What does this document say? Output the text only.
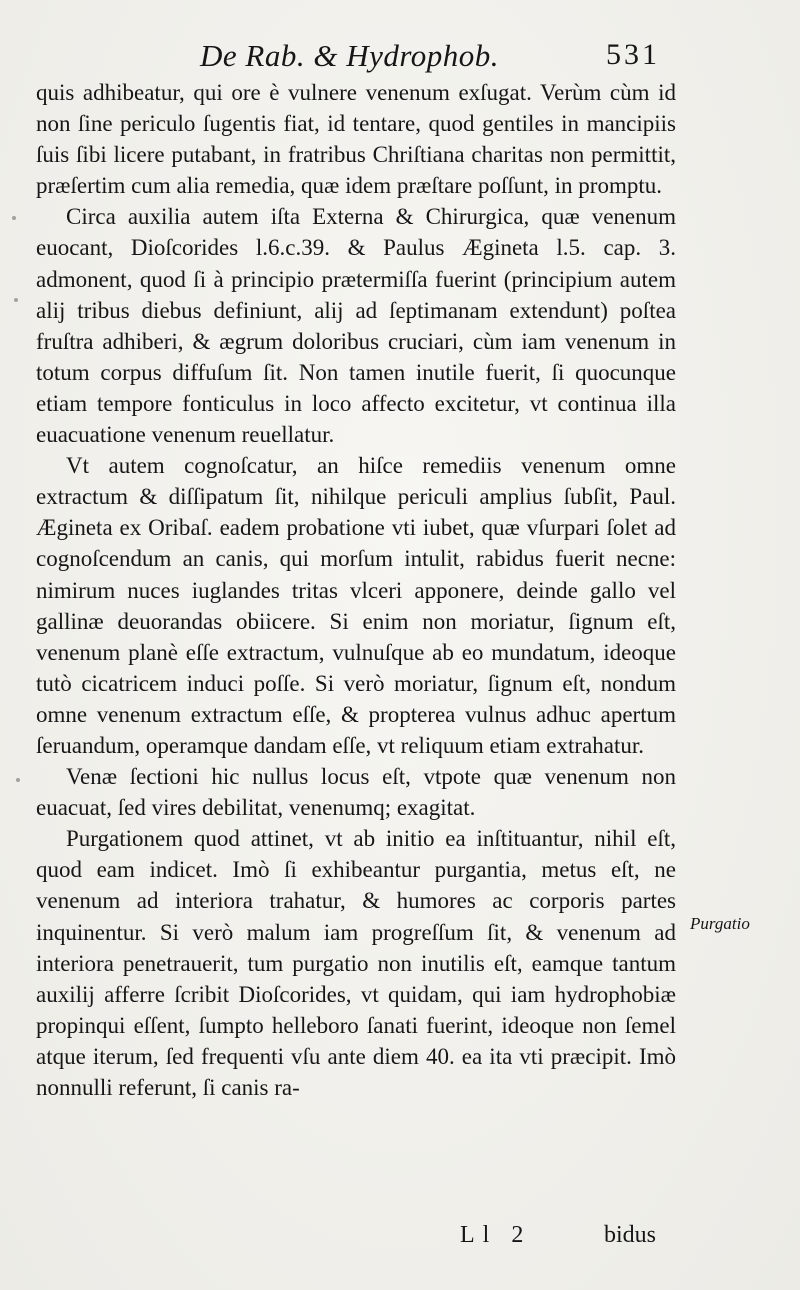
De Rab. & Hydrophob.	531

quis adhibeatur, qui ore è vulnere venenum exſugat. Verùm cùm id non ſine periculo ſugentis fiat, id tentare, quod gentiles in mancipiis ſuis ſibi licere putabant, in fratribus Chriſtiana charitas non permittit, præſertim cum alia remedia, quæ idem præſtare poſſunt, in promptu.

Circa auxilia autem iſta Externa & Chirurgica, quæ venenum euocant, Dioſcorides l.6.c.39. & Paulus Ægineta l.5. cap. 3. admonent, quod ſi à principio prætermiſſa fuerint (principium autem alij tribus diebus definiunt, alij ad ſeptimanam extendunt) poſtea fruſtra adhiberi, & ægrum doloribus cruciari, cùm iam venenum in totum corpus diffuſum ſit. Non tamen inutile fuerit, ſi quocunque etiam tempore fonticulus in loco affecto excitetur, vt continua illa euacuatione venenum reuellatur.

Vt autem cognoſcatur, an hiſce remediis venenum omne extractum & diſſipatum ſit, nihilque periculi amplius ſubſit, Paul. Ægineta ex Oribaſ. eadem probatione vti iubet, quæ vſurpari ſolet ad cognoſcendum an canis, qui morſum intulit, rabidus fuerit necne: nimirum nuces iuglandes tritas vlceri apponere, deinde gallo vel gallinæ deuorandas obiicere. Si enim non moriatur, ſignum eſt, venenum planè eſſe extractum, vulnuſque ab eo mundatum, ideoque tutò cicatricem induci poſſe. Si verò moriatur, ſignum eſt, nondum omne venenum extractum eſſe, & propterea vulnus adhuc apertum ſeruandum, operamque dandam eſſe, vt reliquum etiam extrahatur.

Venæ ſectioni hic nullus locus eſt, vtpote quæ venenum non euacuat, ſed vires debilitat, venenumq; exagitat.

Purgationem quod attinet, vt ab initio ea inſtituantur, nihil eſt, quod eam indicet. Imò ſi exhibeantur purgantia, metus eſt, ne venenum ad interiora trahatur, & humores ac corporis partes inquinentur. Si verò malum iam progreſſum ſit, & venenum ad interiora penetrauerit, tum purgatio non inutilis eſt, eamque tantum auxilij afferre ſcribit Dioſcorides, vt quidam, qui iam hydrophobiæ propinqui eſſent, ſumpto helleboro ſanati fuerint, ideoque non ſemel atque iterum, ſed frequenti vſu ante diem 40. ea ita vti præcipit. Imò nonnulli referunt, ſi canis ra-

Purgatio
Ll 2	bidus
